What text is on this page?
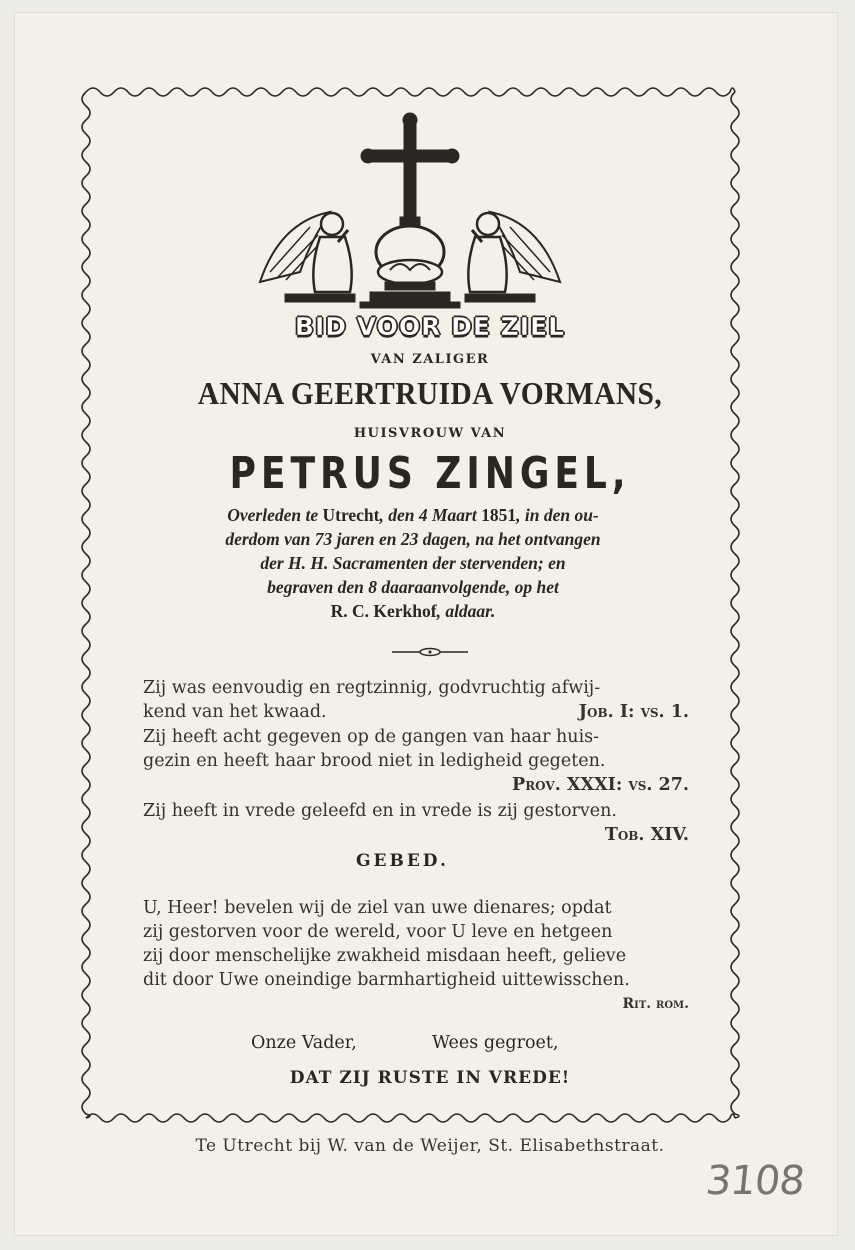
BID VOOR DE ZIEL
VAN ZALIGER
ANNA GEERTRUIDA VORMANS,
HUISVROUW VAN
PETRUS ZINGEL,
Overleden te Utrecht, den 4 Maart 1851, in den ou-
derdom van 73 jaren en 23 dagen, na het ontvangen
der H. H. Sacramenten der stervenden; en
begraven den 8 daaraanvolgende, op het
R. C. Kerkhof, aldaar.
Zij was eenvoudig en regtzinnig, godvruchtig afwij-
kend van het kwaad.	Job. I: vs. 1.
Zij heeft acht gegeven op de gangen van haar huis-
gezin en heeft haar brood niet in ledigheid gegeten.
Prov. XXXI: vs. 27.
Zij heeft in vrede geleefd en in vrede is zij gestorven.
Tob. XIV.
GEBED.
U, Heer! bevelen wij de ziel van uwe dienares; opdat
zij gestorven voor de wereld, voor U leve en hetgeen
zij door menschelijke zwakheid misdaan heeft, gelieve
dit door Uwe oneindige barmhartigheid uittewisschen.
Rit. rom.
Onze Vader,	Wees gegroet,
DAT ZIJ RUSTE IN VREDE!
Te Utrecht bij W. van de Weijer, St. Elisabethstraat.
3108
